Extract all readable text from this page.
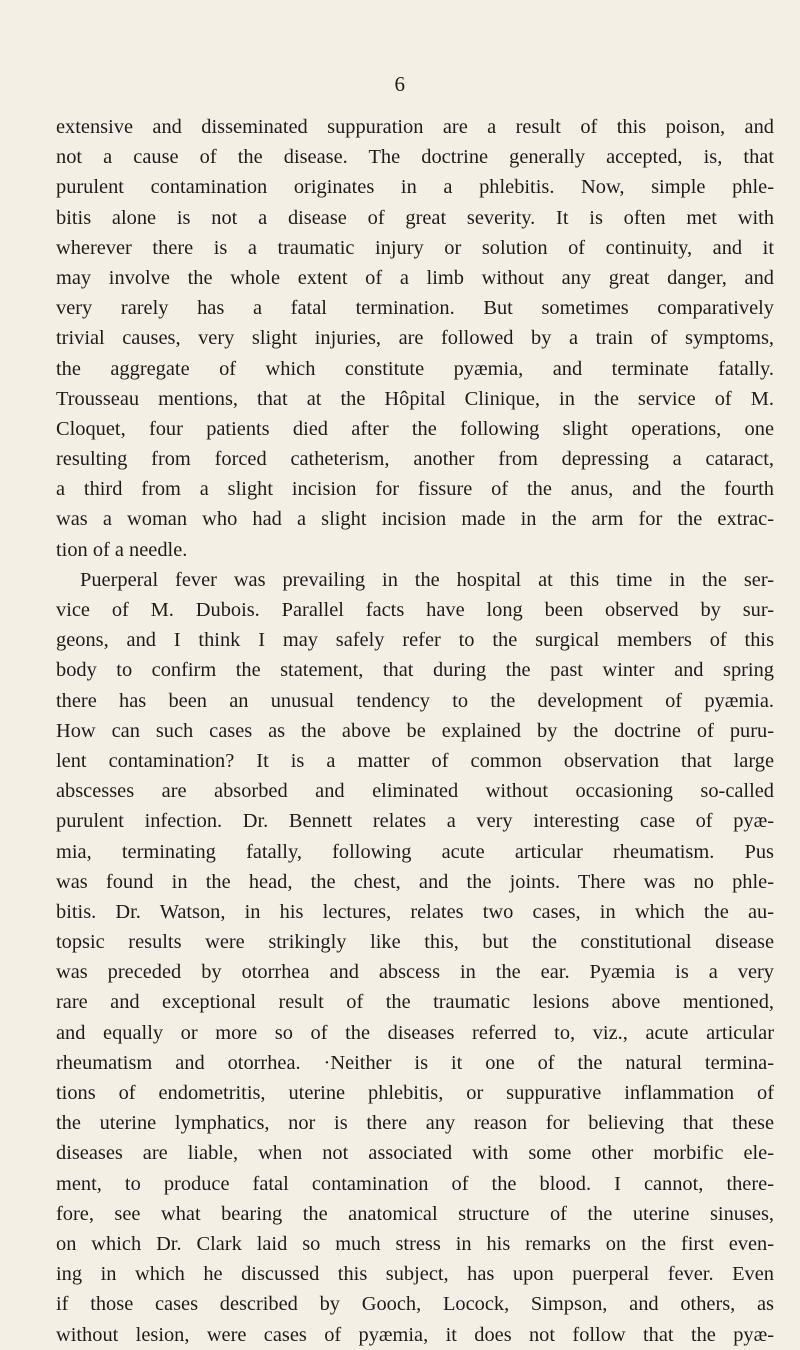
6
extensive and disseminated suppuration are a result of this poison, and
not a cause of the disease. The doctrine generally accepted, is, that
purulent contamination originates in a phlebitis. Now, simple phle-
bitis alone is not a disease of great severity. It is often met with
wherever there is a traumatic injury or solution of continuity, and it
may involve the whole extent of a limb without any great danger, and
very rarely has a fatal termination. But sometimes comparatively
trivial causes, very slight injuries, are followed by a train of symptoms,
the aggregate of which constitute pyæmia, and terminate fatally.
Trousseau mentions, that at the Hôpital Clinique, in the service of M.
Cloquet, four patients died after the following slight operations, one
resulting from forced catheterism, another from depressing a cataract,
a third from a slight incision for fissure of the anus, and the fourth
was a woman who had a slight incision made in the arm for the extrac-
tion of a needle.
Puerperal fever was prevailing in the hospital at this time in the ser-
vice of M. Dubois. Parallel facts have long been observed by sur-
geons, and I think I may safely refer to the surgical members of this
body to confirm the statement, that during the past winter and spring
there has been an unusual tendency to the development of pyæmia.
How can such cases as the above be explained by the doctrine of puru-
lent contamination? It is a matter of common observation that large
abscesses are absorbed and eliminated without occasioning so-called
purulent infection. Dr. Bennett relates a very interesting case of pyæ-
mia, terminating fatally, following acute articular rheumatism. Pus
was found in the head, the chest, and the joints. There was no phle-
bitis. Dr. Watson, in his lectures, relates two cases, in which the au-
topsic results were strikingly like this, but the constitutional disease
was preceded by otorrhea and abscess in the ear. Pyæmia is a very
rare and exceptional result of the traumatic lesions above mentioned,
and equally or more so of the diseases referred to, viz., acute articular
rheumatism and otorrhea. ·Neither is it one of the natural termina-
tions of endometritis, uterine phlebitis, or suppurative inflammation of
the uterine lymphatics, nor is there any reason for believing that these
diseases are liable, when not associated with some other morbific ele-
ment, to produce fatal contamination of the blood. I cannot, there-
fore, see what bearing the anatomical structure of the uterine sinuses,
on which Dr. Clark laid so much stress in his remarks on the first even-
ing in which he discussed this subject, has upon puerperal fever. Even
if those cases described by Gooch, Locock, Simpson, and others, as
without lesion, were cases of pyæmia, it does not follow that the pyæ-
